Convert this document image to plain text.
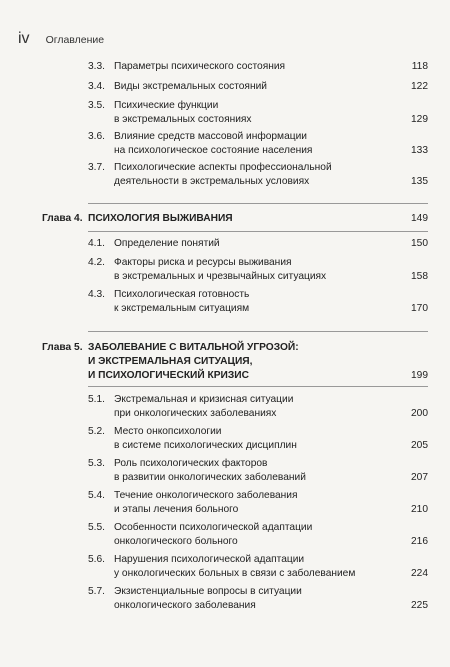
iv Оглавление
3.3. Параметры психического состояния	118
3.4. Виды экстремальных состояний	122
3.5. Психические функции
в экстремальных состояниях	129
3.6. Влияние средств массовой информации
на психологическое состояние населения	133
3.7. Психологические аспекты профессиональной
деятельности в экстремальных условиях	135
Глава 4. ПСИХОЛОГИЯ ВЫЖИВАНИЯ	149
4.1. Определение понятий	150
4.2. Факторы риска и ресурсы выживания
в экстремальных и чрезвычайных ситуациях	158
4.3. Психологическая готовность
к экстремальным ситуациям	170
Глава 5. ЗАБОЛЕВАНИЕ С ВИТАЛЬНОЙ УГРОЗОЙ:
И ЭКСТРЕМАЛЬНАЯ СИТУАЦИЯ,
И ПСИХОЛОГИЧЕСКИЙ КРИЗИС	199
5.1. Экстремальная и кризисная ситуации
при онкологических заболеваниях	200
5.2. Место онкопсихологии
в системе психологических дисциплин	205
5.3. Роль психологических факторов
в развитии онкологических заболеваний	207
5.4. Течение онкологического заболевания
и этапы лечения больного	210
5.5. Особенности психологической адаптации
онкологического больного	216
5.6. Нарушения психологической адаптации
у онкологических больных в связи с заболеванием	224
5.7. Экзистенциальные вопросы в ситуации
онкологического заболевания	225
